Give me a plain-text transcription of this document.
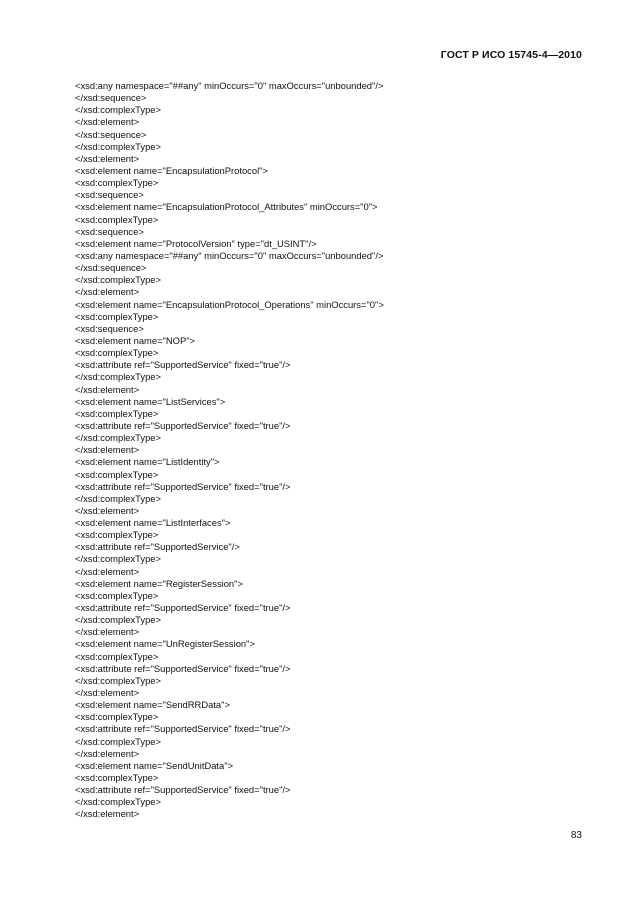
ГОСТ Р ИСО 15745-4—2010
<xsd:any namespace="##any" minOccurs="0" maxOccurs="unbounded"/>
</xsd:sequence>
</xsd:complexType>
</xsd:element>
</xsd:sequence>
</xsd:complexType>
</xsd:element>
<xsd:element name="EncapsulationProtocol">
<xsd:complexType>
<xsd:sequence>
<xsd:element name="EncapsulationProtocol_Attributes" minOccurs="0">
<xsd:complexType>
<xsd:sequence>
<xsd:element name="ProtocolVersion" type="dt_USINT"/>
<xsd:any namespace="##any" minOccurs="0" maxOccurs="unbounded"/>
</xsd:sequence>
</xsd:complexType>
</xsd:element>
<xsd:element name="EncapsulationProtocol_Operations" minOccurs="0">
<xsd:complexType>
<xsd:sequence>
<xsd:element name="NOP">
<xsd:complexType>
<xsd:attribute ref="SupportedService" fixed="true"/>
</xsd:complexType>
</xsd:element>
<xsd:element name="ListServices">
<xsd:complexType>
<xsd:attribute ref="SupportedService" fixed="true"/>
</xsd:complexType>
</xsd:element>
<xsd:element name="ListIdentity">
<xsd:complexType>
<xsd:attribute ref="SupportedService" fixed="true"/>
</xsd:complexType>
</xsd:element>
<xsd:element name="ListInterfaces">
<xsd:complexType>
<xsd:attribute ref="SupportedService"/>
</xsd:complexType>
</xsd:element>
<xsd:element name="RegisterSession">
<xsd:complexType>
<xsd:attribute ref="SupportedService" fixed="true"/>
</xsd:complexType>
</xsd:element>
<xsd:element name="UnRegisterSession">
<xsd:complexType>
<xsd:attribute ref="SupportedService" fixed="true"/>
</xsd:complexType>
</xsd:element>
<xsd:element name="SendRRData">
<xsd:complexType>
<xsd:attribute ref="SupportedService" fixed="true"/>
</xsd:complexType>
</xsd:element>
<xsd:element name="SendUnitData">
<xsd:complexType>
<xsd:attribute ref="SupportedService" fixed="true"/>
</xsd:complexType>
</xsd:element>
83
